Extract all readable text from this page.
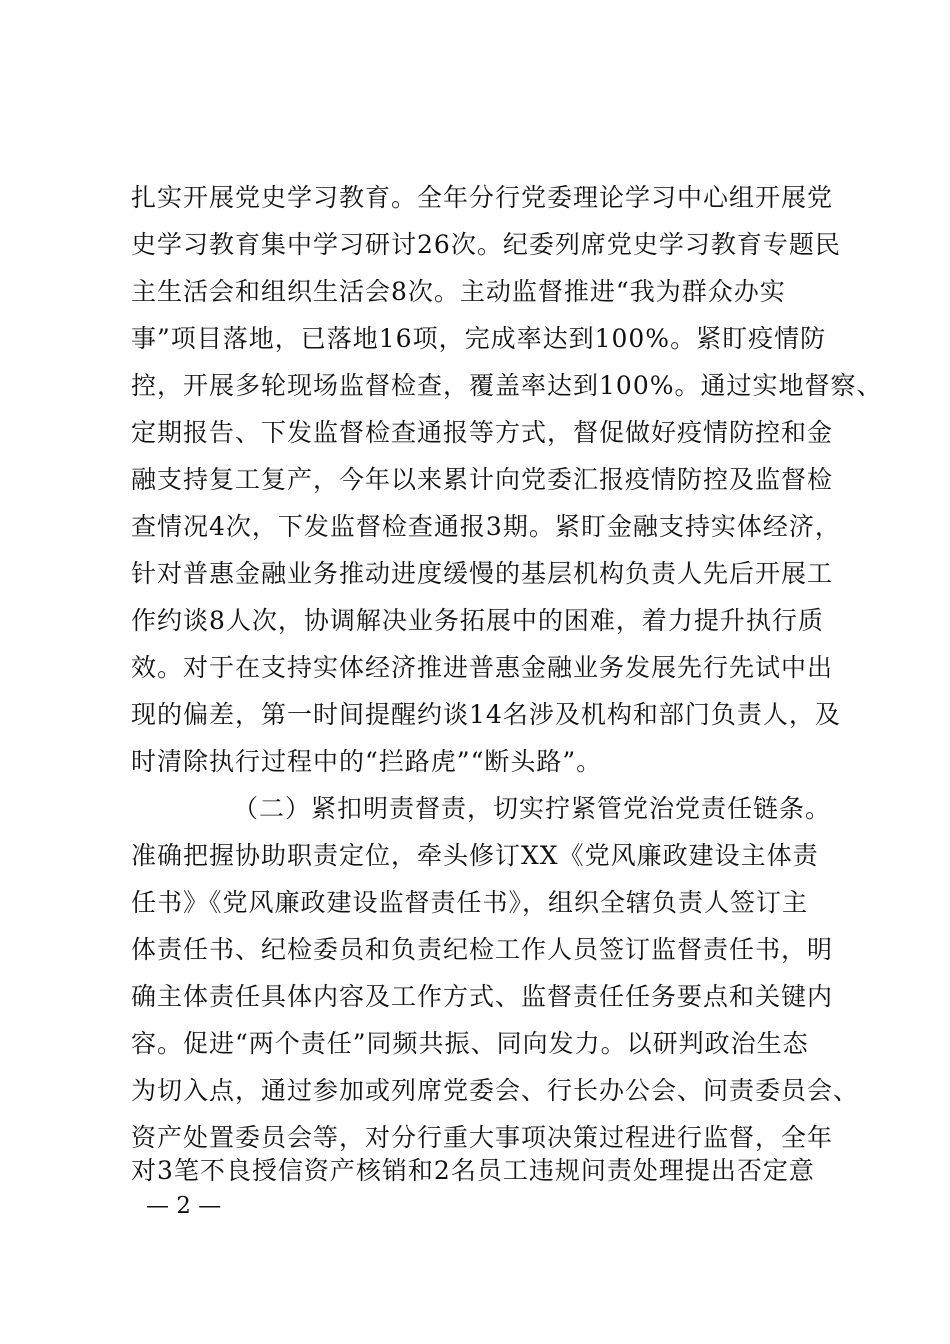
扎实开展党史学习教育。全年分行党委理论学习中心组开展党
史学习教育集中学习研讨26次。纪委列席党史学习教育专题民
主生活会和组织生活会8次。主动监督推进“我为群众办实
事”项目落地，已落地16项，完成率达到100%。紧盯疫情防
控，开展多轮现场监督检查，覆盖率达到100%。通过实地督察、
定期报告、下发监督检查通报等方式，督促做好疫情防控和金
融支持复工复产，今年以来累计向党委汇报疫情防控及监督检
查情况4次，下发监督检查通报3期。紧盯金融支持实体经济，
针对普惠金融业务推动进度缓慢的基层机构负责人先后开展工
作约谈8人次，协调解决业务拓展中的困难，着力提升执行质
效。对于在支持实体经济推进普惠金融业务发展先行先试中出
现的偏差，第一时间提醒约谈14名涉及机构和部门负责人，及
时清除执行过程中的“拦路虎”“断头路”。
（二）紧扣明责督责，切实拧紧管党治党责任链条。
准确把握协助职责定位，牵头修订XX《党风廉政建设主体责
任书》《党风廉政建设监督责任书》，组织全辖负责人签订主
体责任书、纪检委员和负责纪检工作人员签订监督责任书，明
确主体责任具体内容及工作方式、监督责任任务要点和关键内
容。促进“两个责任”同频共振、同向发力。以研判政治生态
为切入点，通过参加或列席党委会、行长办公会、问责委员会、
资产处置委员会等，对分行重大事项决策过程进行监督，全年
对3笔不良授信资产核销和2名员工违规问责处理提出否定意
— 2 —
